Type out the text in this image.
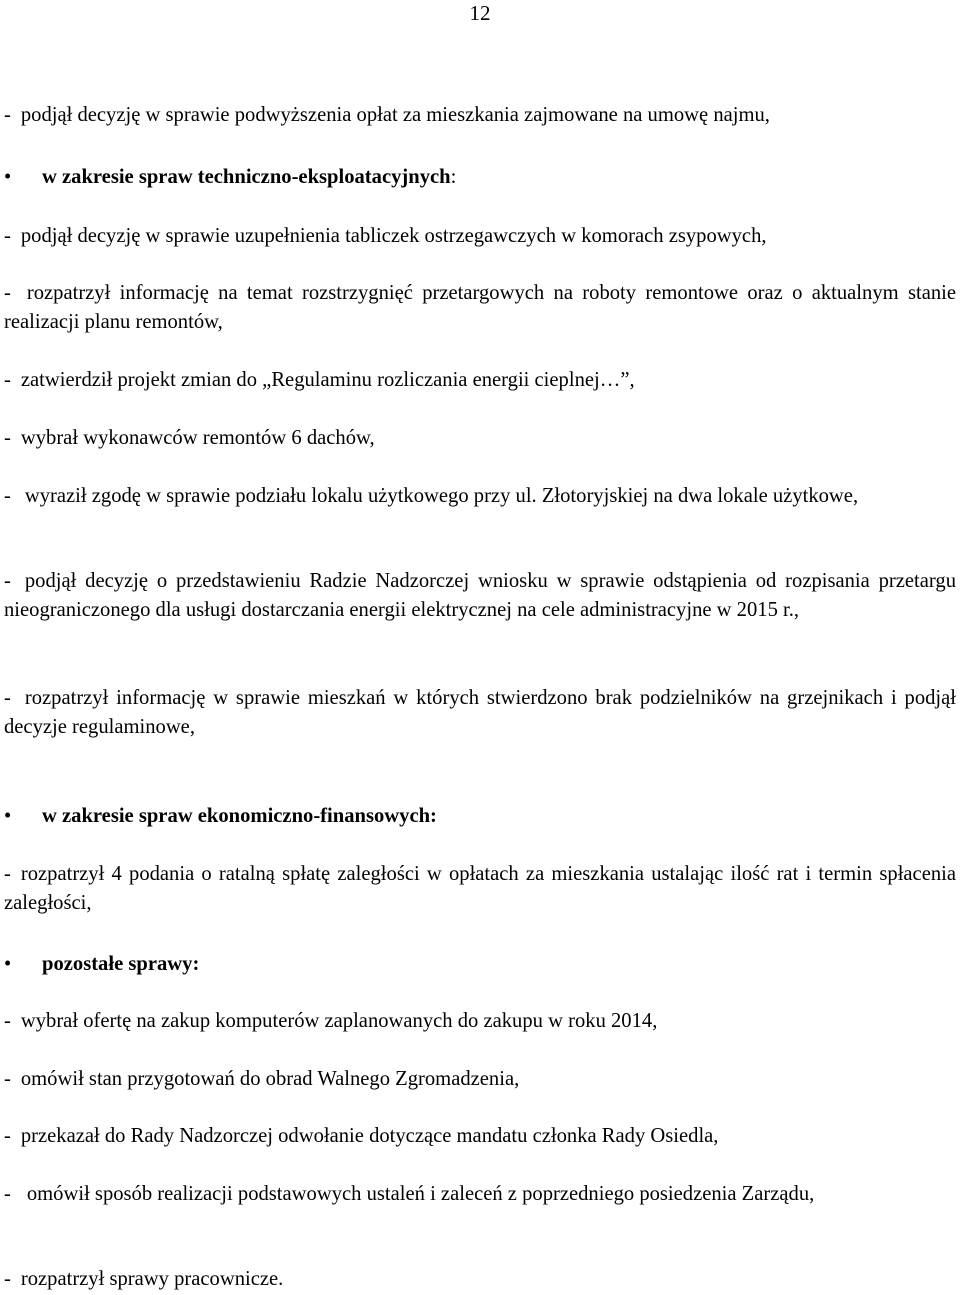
12
- podjął decyzję w sprawie podwyższenia opłat za mieszkania zajmowane na umowę najmu,
• w zakresie spraw techniczno-eksploatacyjnych:
- podjął decyzję w sprawie uzupełnienia tabliczek ostrzegawczych w komorach zsypowych,
- rozpatrzył informację na temat rozstrzygnięć przetargowych na roboty remontowe oraz o aktualnym stanie realizacji planu remontów,
- zatwierdził projekt zmian do „Regulaminu rozliczania energii cieplnej…”,
- wybrał wykonawców remontów 6 dachów,
- wyraził zgodę w sprawie podziału lokalu użytkowego przy ul. Złotoryjskiej na dwa lokale użytkowe,
- podjął decyzję o przedstawieniu Radzie Nadzorczej wniosku w sprawie odstąpienia od rozpisania przetargu nieograniczonego dla usługi dostarczania energii elektrycznej na cele administracyjne w 2015 r.,
- rozpatrzył informację w sprawie mieszkań w których stwierdzono brak podzielników na grzejnikach i podjął decyzje regulaminowe,
• w zakresie spraw ekonomiczno-finansowych:
- rozpatrzył 4 podania o ratalną spłatę zaległości w opłatach za mieszkania ustalając ilość rat i termin spłacenia zaległości,
• pozostałe sprawy:
- wybrał ofertę na zakup komputerów zaplanowanych do zakupu w roku 2014,
- omówił stan przygotowań do obrad Walnego Zgromadzenia,
- przekazał do Rady Nadzorczej odwołanie dotyczące mandatu członka Rady Osiedla,
- omówił sposób realizacji podstawowych ustaleń i zaleceń z poprzedniego posiedzenia Zarządu,
- rozpatrzył sprawy pracownicze.
